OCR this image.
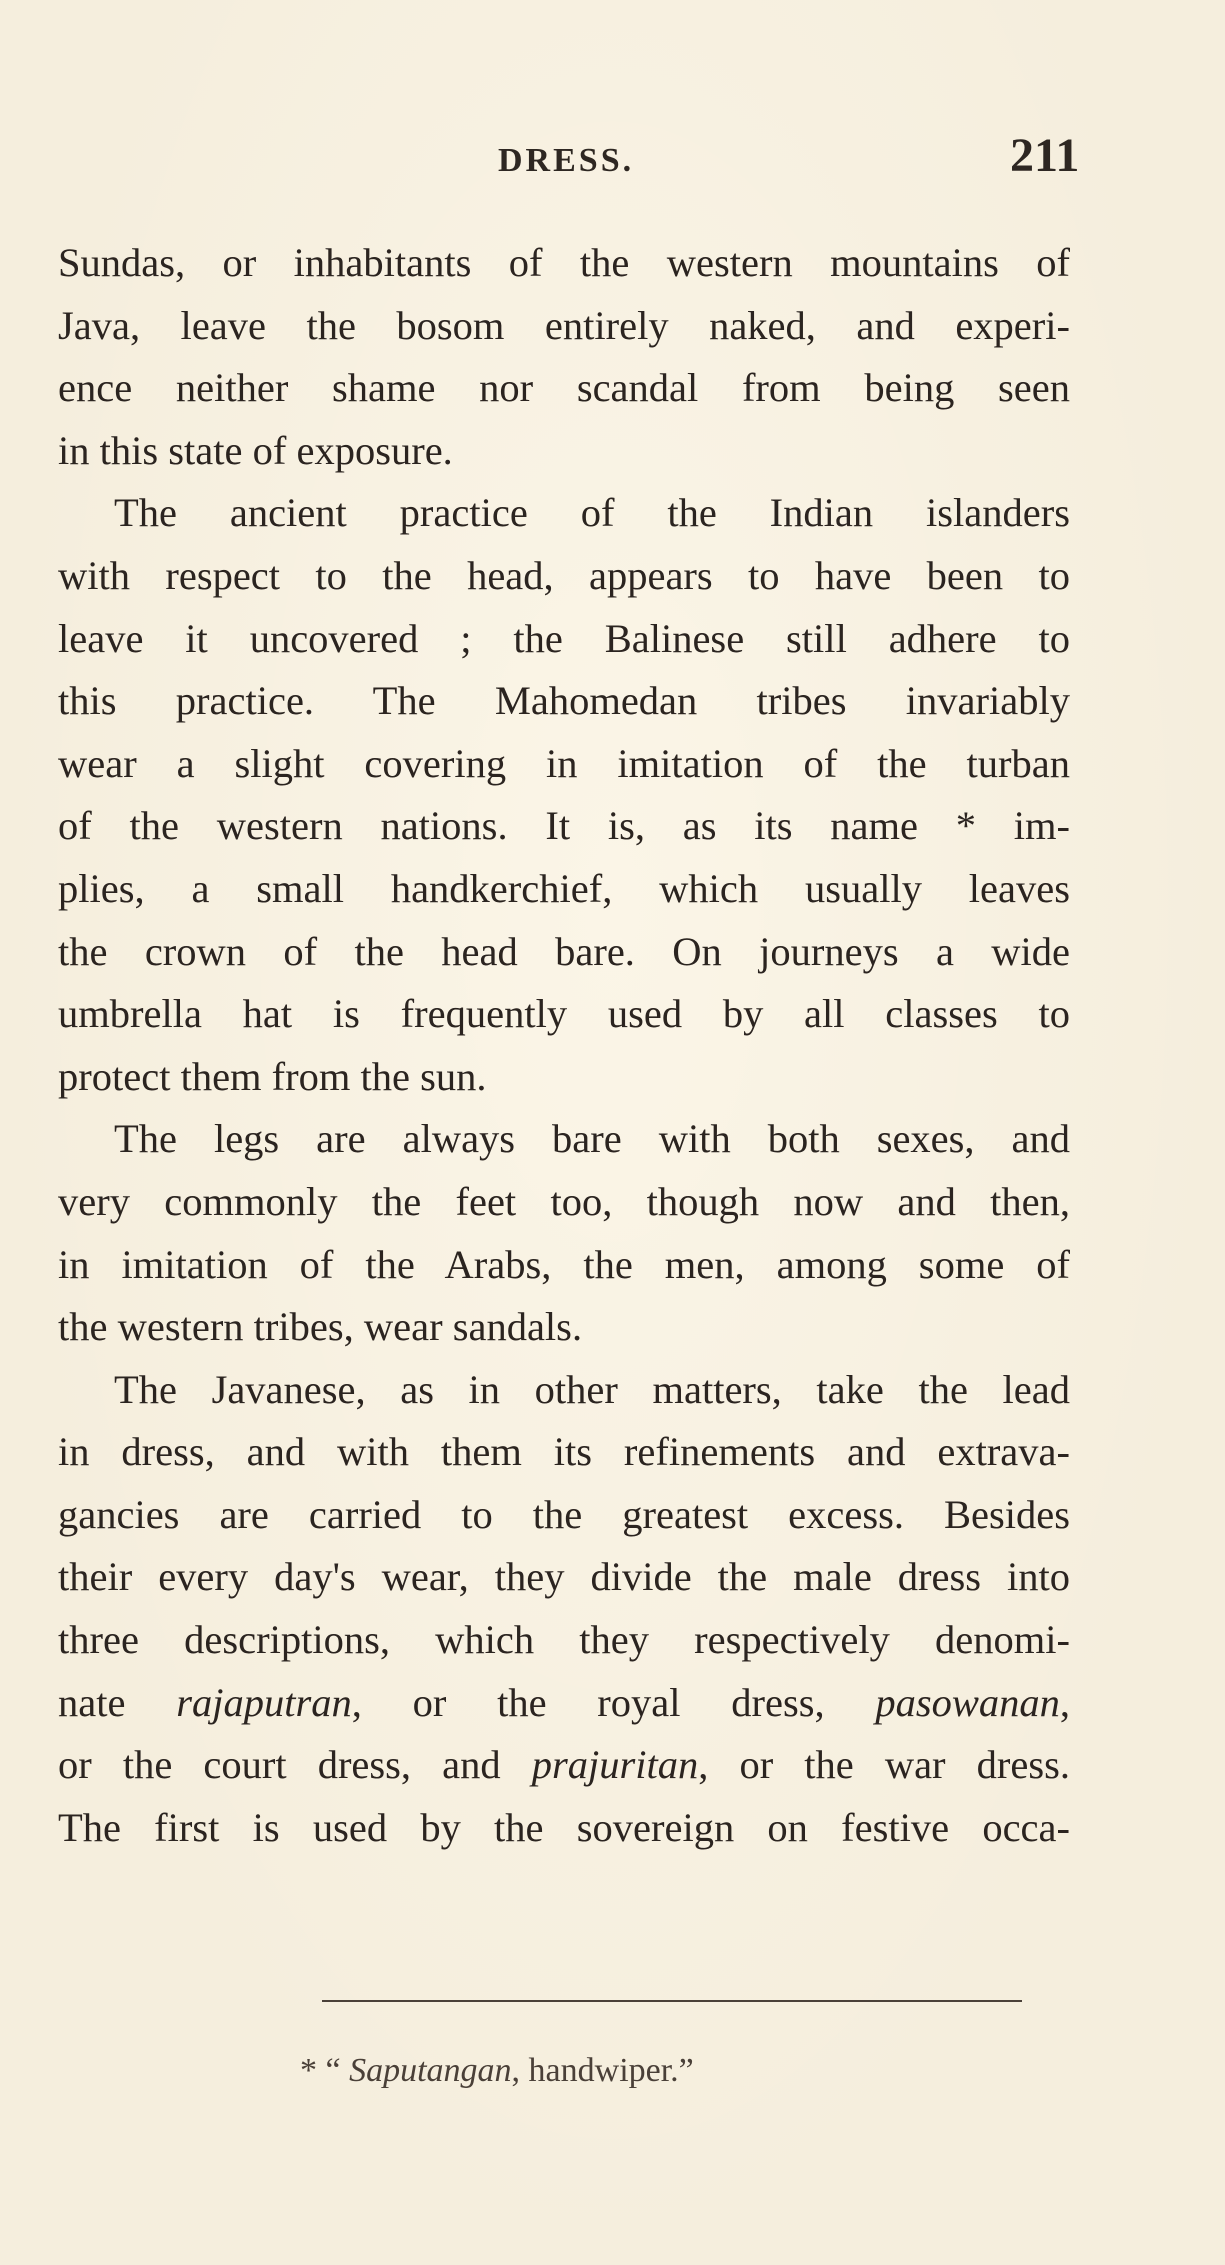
DRESS.	211

Sundas, or inhabitants of the western mountains of

Java, leave the bosom entirely naked, and experi-

ence neither shame nor scandal from being seen

in this state of exposure.

The ancient practice of the Indian islanders

with respect to the head, appears to have been to

leave it uncovered ; the Balinese still adhere to

this practice. The Mahomedan tribes invariably

wear a slight covering in imitation of the turban

of the western nations. It is, as its name * im-

plies, a small handkerchief, which usually leaves

the crown of the head bare. On journeys a wide

umbrella hat is frequently used by all classes to

protect them from the sun.

The legs are always bare with both sexes, and

very commonly the feet too, though now and then,

in imitation of the Arabs, the men, among some of

the western tribes, wear sandals.

The Javanese, as in other matters, take the lead

in dress, and with them its refinements and extrava-

gancies are carried to the greatest excess. Besides

their every day's wear, they divide the male dress into

three descriptions, which they respectively denomi-

nate rajaputran, or the royal dress, pasowanan,

or the court dress, and prajuritan, or the war dress.

The first is used by the sovereign on festive occa-

* “ Saputangan, handwiper.”
